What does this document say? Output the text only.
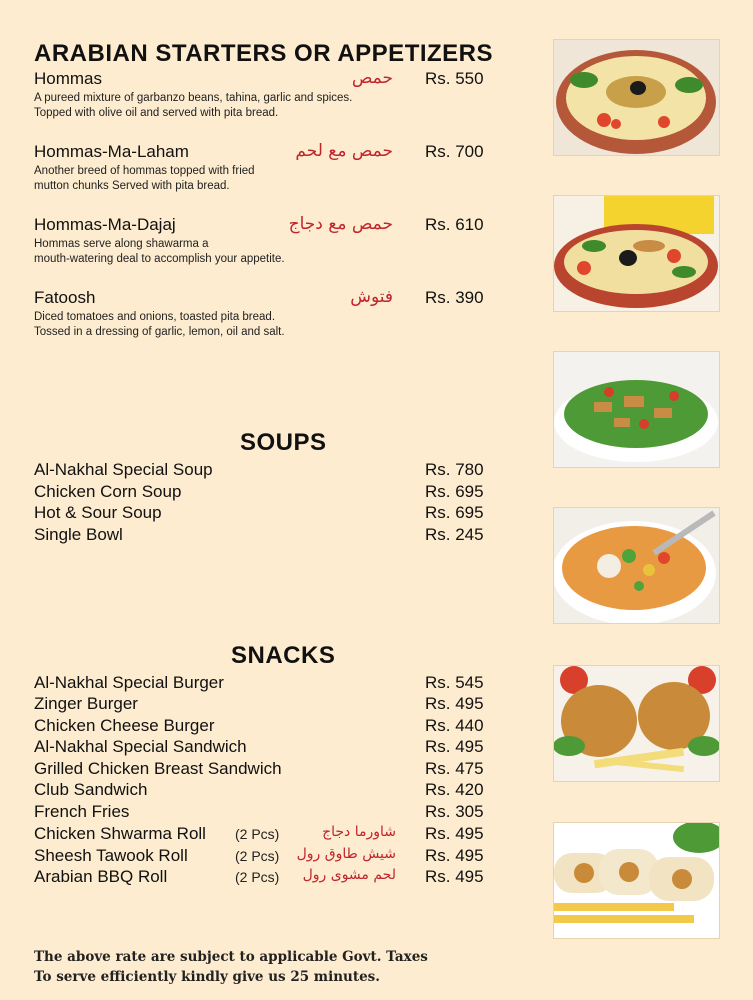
ARABIAN STARTERS OR APPETIZERS
Hommas	حمص Rs. 550
A pureed mixture of garbanzo beans, tahina, garlic and spices.
Topped with olive oil and served with pita bread.
Hommas-Ma-Laham	حمص مع لحم Rs. 700
Another breed of hommas topped with fried
mutton chunks Served with pita bread.
Hommas-Ma-Dajaj	حمص مع دجاج Rs. 610
Hommas serve along shawarma a
mouth-watering deal to accomplish your appetite.
Fatoosh	فتوش Rs. 390
Diced tomatoes and onions, toasted pita bread.
Tossed in a dressing of garlic, lemon, oil and salt.
SOUPS
Al-Nakhal Special Soup	Rs. 780
Chicken Corn Soup	Rs. 695
Hot & Sour Soup	Rs. 695
Single Bowl	Rs. 245
SNACKS
Al-Nakhal Special Burger	Rs. 545
Zinger Burger	Rs. 495
Chicken Cheese Burger	Rs. 440
Al-Nakhal Special Sandwich	Rs. 495
Grilled Chicken Breast Sandwich	Rs. 475
Club Sandwich	Rs. 420
French Fries	Rs. 305
Chicken Shwarma Roll (2 Pcs)	شاورما دجاج Rs. 495
Sheesh Tawook Roll	(2 Pcs) شیش طاوق رول Rs. 495
Arabian BBQ Roll	(2 Pcs) لحم مشوی رول Rs. 495
The above rate are subject to applicable Govt. Taxes
To serve efficiently kindly give us 25 minutes.
